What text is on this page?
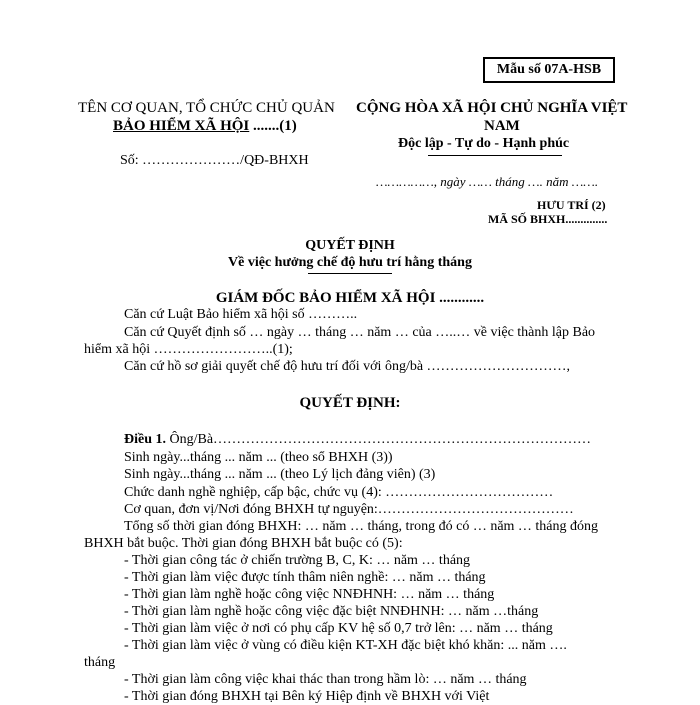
Mẫu số 07A-HSB
TÊN CƠ QUAN, TỔ CHỨC CHỦ QUẢN
BẢO HIỂM XÃ HỘI .......(1)
Số: …………………/QĐ-BHXH
CỘNG HÒA XÃ HỘI CHỦ NGHĨA VIỆT
NAM
Độc lập - Tự do - Hạnh phúc
……………, ngày …… tháng …. năm …….
HƯU TRÍ (2)
MÃ SỐ BHXH..............
QUYẾT ĐỊNH
Về việc hưởng chế độ hưu trí hằng tháng
GIÁM ĐỐC BẢO HIỂM XÃ HỘI ............
Căn cứ Luật Bảo hiểm xã hội số ………..
Căn cứ Quyết định số … ngày … tháng … năm … của …..… về việc thành lập Bảo
hiểm xã hội ……………………..(1);
Căn cứ hồ sơ giải quyết chế độ hưu trí đối với ông/bà …………………………,
QUYẾT ĐỊNH:
Điều 1. Ông/Bà………………………………………………………………………
Sinh ngày...tháng ... năm ... (theo sổ BHXH (3))
Sinh ngày...tháng ... năm ... (theo Lý lịch đảng viên) (3)
Chức danh nghề nghiệp, cấp bậc, chức vụ (4): ………………………………
Cơ quan, đơn vị/Nơi đóng BHXH tự nguyện:……………………………………
Tổng số thời gian đóng BHXH: … năm … tháng, trong đó có … năm … tháng đóng
BHXH bắt buộc. Thời gian đóng BHXH bắt buộc có (5):
- Thời gian công tác ở chiến trường B, C, K: … năm … tháng
- Thời gian làm việc được tính thâm niên nghề: … năm … tháng
- Thời gian làm nghề hoặc công việc NNĐHNH: … năm … tháng
- Thời gian làm nghề hoặc công việc đặc biệt NNĐHNH: … năm …tháng
- Thời gian làm việc ở nơi có phụ cấp KV hệ số 0,7 trở lên: … năm … tháng
- Thời gian làm việc ở vùng có điều kiện KT-XH đặc biệt khó khăn: ... năm ….
tháng
- Thời gian làm công việc khai thác than trong hầm lò: … năm … tháng
- Thời gian đóng BHXH tại Bên ký Hiệp định về BHXH với Việt
